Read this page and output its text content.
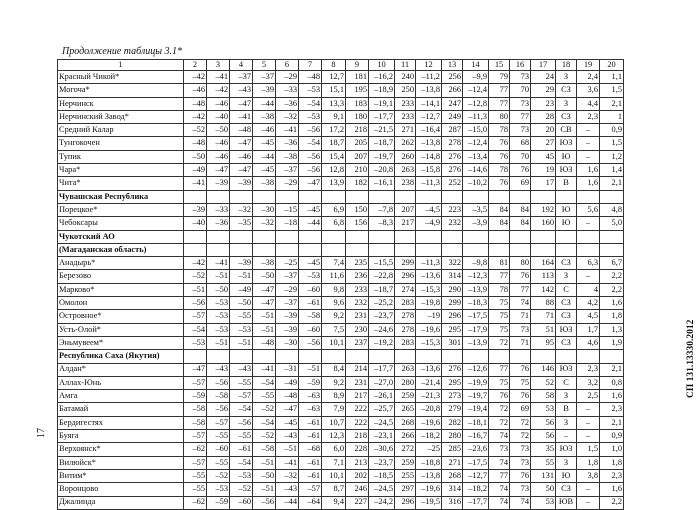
Продолжение таблицы 3.1*
1	2	3	4	5	6	7	8	9	10	11	12	13	14	15	16	17	18	19	20
Красный Чикой*	–42	–41	–37	–37	–29	–48	12,7	181	–16,2	240	–11,2	256	–9,9	79	73	24	З	2,4	1,1
Могоча*	–46	–42	–43	–39	–33	–53	15,1	195	–18,9	250	–13,8	266	–12,4	77	70	29	СЗ	3,6	1,5
Нерчинск	–48	–46	–47	–44	–36	–54	13,3	183	–19,1	233	–14,1	247	–12,8	77	73	23	З	4,4	2,1
Нерчинский Завод*	–42	–40	–41	–38	–32	–53	9,1	180	–17,7	233	–12,7	249	–11,3	80	77	28	СЗ	2,3	1
Средний Калар	–52	–50	–48	–46	–41	–56	17,2	218	–21,5	271	–16,4	287	–15,0	78	73	20	СВ	–	0,9
Тунгокочен	–48	–46	–47	–45	–36	–54	18,7	205	–18,7	262	–13,8	278	–12,4	76	68	27	ЮЗ	–	1,5
Тупик	–50	–46	–46	–44	–38	–56	15,4	207	–19,7	260	–14,8	276	–13,4	76	70	45	Ю	–	1,2
Чара*	–49	–47	–47	–45	–37	–56	12,8	210	–20,8	263	–15,8	276	–14,6	78	76	19	ЮЗ	1,6	1,4
Чита*	–41	–39	–39	–38	–29	–47	13,9	182	–16,1	238	–11,3	252	–10,2	76	69	17	В	1,6	2,1
Чувашская Республика																			
Порецкое*	–39	–33	–32	–30	–15	–45	6,9	150	–7,8	207	–4,5	223	–3,5	84	84	192	Ю	5,6	4,8
Чебоксары	–40	–36	–35	–32	–18	–44	6,8	156	–8,3	217	–4,9	232	–3,9	84	84	160	Ю	–	5,0
Чукотский АО																			
(Магаданская область)																			
Анадырь*	–42	–41	–39	–38	–25	–45	7,4	235	–15,5	299	–11,3	322	–9,8	81	80	164	СЗ	6,3	6,7
Березово	–52	–51	–51	–50	–37	–53	11,6	236	–22,8	296	–13,6	314	–12,3	77	76	113	З	–	2,2
Марково*	–51	–50	–49	–47	–29	–60	9,8	233	–18,7	274	–15,3	290	–13,9	78	77	142	С	4	2,2
Омолон	–56	–53	–50	–47	–37	–61	9,6	232	–25,2	283	–19,8	299	–18,3	75	74	88	СЗ	4,2	1,6
Островное*	–57	–53	–55	–51	–39	–58	9,2	231	–23,7	278	–19	296	–17,5	75	71	71	СЗ	4,5	1,8
Усть-Олой*	–54	–53	–53	–51	–39	–60	7,5	230	–24,6	278	–19,6	295	–17,9	75	73	51	ЮЗ	1,7	1,3
Эньмувеем*	–53	–51	–51	–48	–30	–56	10,1	237	–19,2	283	–15,3	301	–13,9	72	71	95	СЗ	4,6	1,9
Республика Саха (Якутия)																			
Алдан*	–47	–43	–43	–41	–31	–51	8,4	214	–17,7	263	–13,6	276	–12,6	77	76	146	ЮЗ	2,3	2,1
Аллах-Юнь	–57	–56	–55	–54	–49	–59	9,2	231	–27,0	280	–21,4	295	–19,9	75	75	52	С	3,2	0,8
Амга	–59	–58	–57	–55	–48	–63	8,9	217	–26,1	259	–21,3	273	–19,7	76	76	58	З	2,5	1,6
Батамай	–58	–56	–54	–52	–47	–63	7,9	222	–25,7	265	–20,8	279	–19,4	72	69	53	В	–	2,3
Бердигестях	–58	–57	–56	–54	–45	–61	10,7	222	–24,5	268	–19,6	282	–18,1	72	72	56	З	–	2,1
Буяга	–57	–55	–55	–52	–43	–61	12,3	218	–23,1	266	–18,2	280	–16,7	74	72	56	–	–	0,9
Верхоянск*	–62	–60	–61	–58	–51	–68	6,0	228	–30,6	272	–25	285	–23,6	73	73	35	ЮЗ	1,5	1,0
Вилюйск*	–57	–55	–54	–51	–41	–61	7,1	213	–23,7	259	–18,8	271	–17,5	74	73	55	З	1,8	1,8
Витим*	–55	–52	–53	–50	–32	–61	10,1	202	–18,5	255	–13,8	268	–12,7	77	76	131	Ю	3,8	2,3
Воронцово	–55	–53	–52	–51	–43	–57	8,7	246	–24,5	297	–19,6	314	–18,2	74	73	50	СЗ	–	1,6
Джалинда	–62	–59	–60	–56	–44	–64	9,4	227	–24,2	296	–19,5	316	–17,7	74	74	53	ЮВ	–	2,2
17
СП 131.13330.2012
